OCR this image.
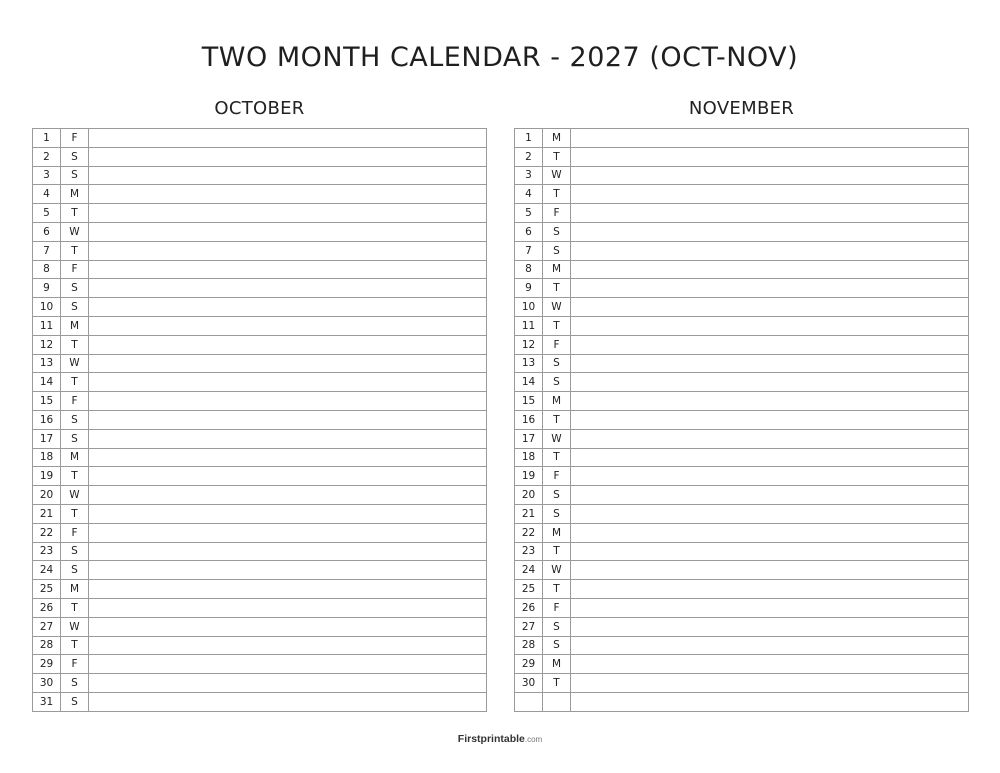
TWO MONTH CALENDAR - 2027 (OCT-NOV)
OCTOBER
1	F	
2	S	
3	S	
4	M	
5	T	
6	W	
7	T	
8	F	
9	S	
10	S	
11	M	
12	T	
13	W	
14	T	
15	F	
16	S	
17	S	
18	M	
19	T	
20	W	
21	T	
22	F	
23	S	
24	S	
25	M	
26	T	
27	W	
28	T	
29	F	
30	S	
31	S	
NOVEMBER
1	M	
2	T	
3	W	
4	T	
5	F	
6	S	
7	S	
8	M	
9	T	
10	W	
11	T	
12	F	
13	S	
14	S	
15	M	
16	T	
17	W	
18	T	
19	F	
20	S	
21	S	
22	M	
23	T	
24	W	
25	T	
26	F	
27	S	
28	S	
29	M	
30	T	

Firstprintable.com
